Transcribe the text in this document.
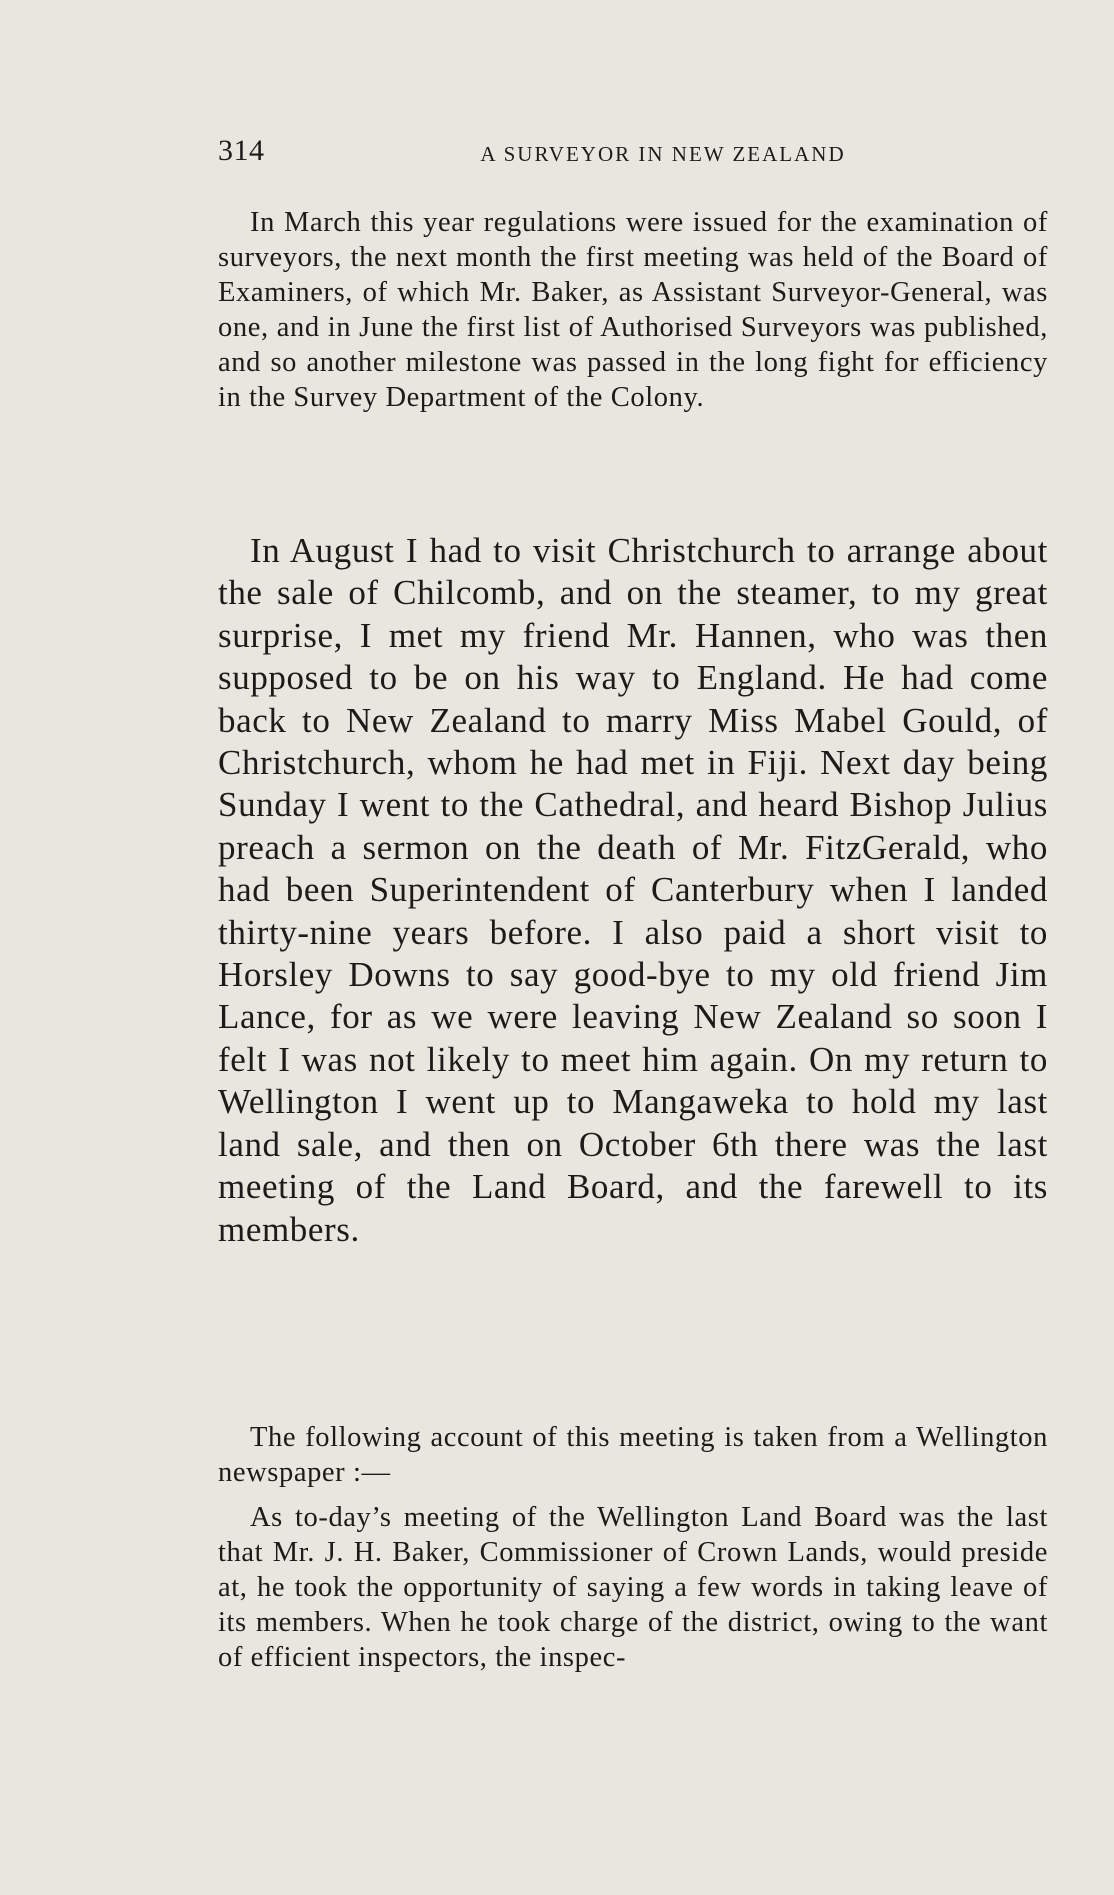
314	A SURVEYOR IN NEW ZEALAND

In March this year regulations were issued for the examination of surveyors, the next month the first meeting was held of the Board of Examiners, of which Mr. Baker, as Assistant Surveyor-General, was one, and in June the first list of Authorised Surveyors was published, and so another milestone was passed in the long fight for efficiency in the Survey Department of the Colony.

In August I had to visit Christchurch to arrange about the sale of Chilcomb, and on the steamer, to my great surprise, I met my friend Mr. Hannen, who was then supposed to be on his way to England. He had come back to New Zealand to marry Miss Mabel Gould, of Christchurch, whom he had met in Fiji. Next day being Sunday I went to the Cathedral, and heard Bishop Julius preach a sermon on the death of Mr. FitzGerald, who had been Superintendent of Canterbury when I landed thirty-nine years before. I also paid a short visit to Horsley Downs to say good-bye to my old friend Jim Lance, for as we were leaving New Zealand so soon I felt I was not likely to meet him again. On my return to Wellington I went up to Mangaweka to hold my last land sale, and then on October 6th there was the last meeting of the Land Board, and the farewell to its members.

The following account of this meeting is taken from a Wellington newspaper :—

As to-day’s meeting of the Wellington Land Board was the last that Mr. J. H. Baker, Commissioner of Crown Lands, would preside at, he took the opportunity of saying a few words in taking leave of its members. When he took charge of the district, owing to the want of efficient inspectors, the inspec-
